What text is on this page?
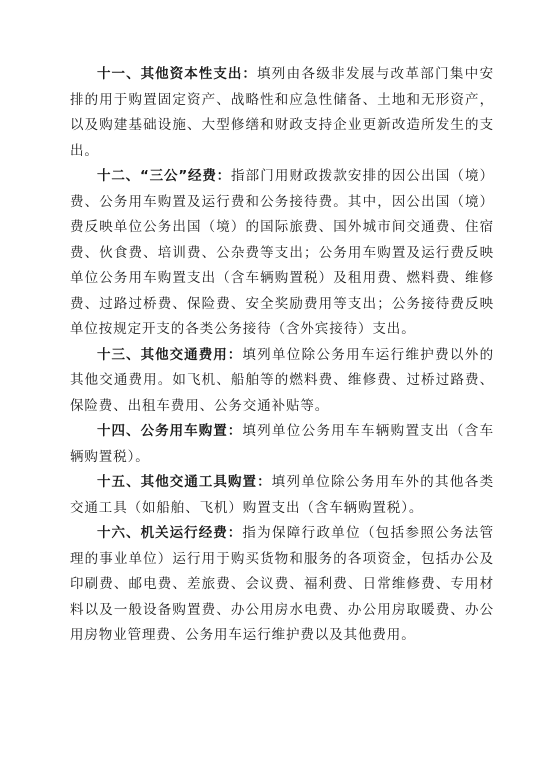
十一、其他资本性支出：填列由各级非发展与改革部门集中安排的用于购置固定资产、战略性和应急性储备、土地和无形资产，以及购建基础设施、大型修缮和财政支持企业更新改造所发生的支出。

十二、“三公”经费：指部门用财政拨款安排的因公出国（境）费、公务用车购置及运行费和公务接待费。其中，因公出国（境）费反映单位公务出国（境）的国际旅费、国外城市间交通费、住宿费、伙食费、培训费、公杂费等支出；公务用车购置及运行费反映单位公务用车购置支出（含车辆购置税）及租用费、燃料费、维修费、过路过桥费、保险费、安全奖励费用等支出；公务接待费反映单位按规定开支的各类公务接待（含外宾接待）支出。

十三、其他交通费用：填列单位除公务用车运行维护费以外的其他交通费用。如飞机、船舶等的燃料费、维修费、过桥过路费、保险费、出租车费用、公务交通补贴等。

十四、公务用车购置：填列单位公务用车车辆购置支出（含车辆购置税）。

十五、其他交通工具购置：填列单位除公务用车外的其他各类交通工具（如船舶、飞机）购置支出（含车辆购置税）。

十六、机关运行经费：指为保障行政单位（包括参照公务法管理的事业单位）运行用于购买货物和服务的各项资金，包括办公及印刷费、邮电费、差旅费、会议费、福利费、日常维修费、专用材料以及一般设备购置费、办公用房水电费、办公用房取暖费、办公用房物业管理费、公务用车运行维护费以及其他费用。
